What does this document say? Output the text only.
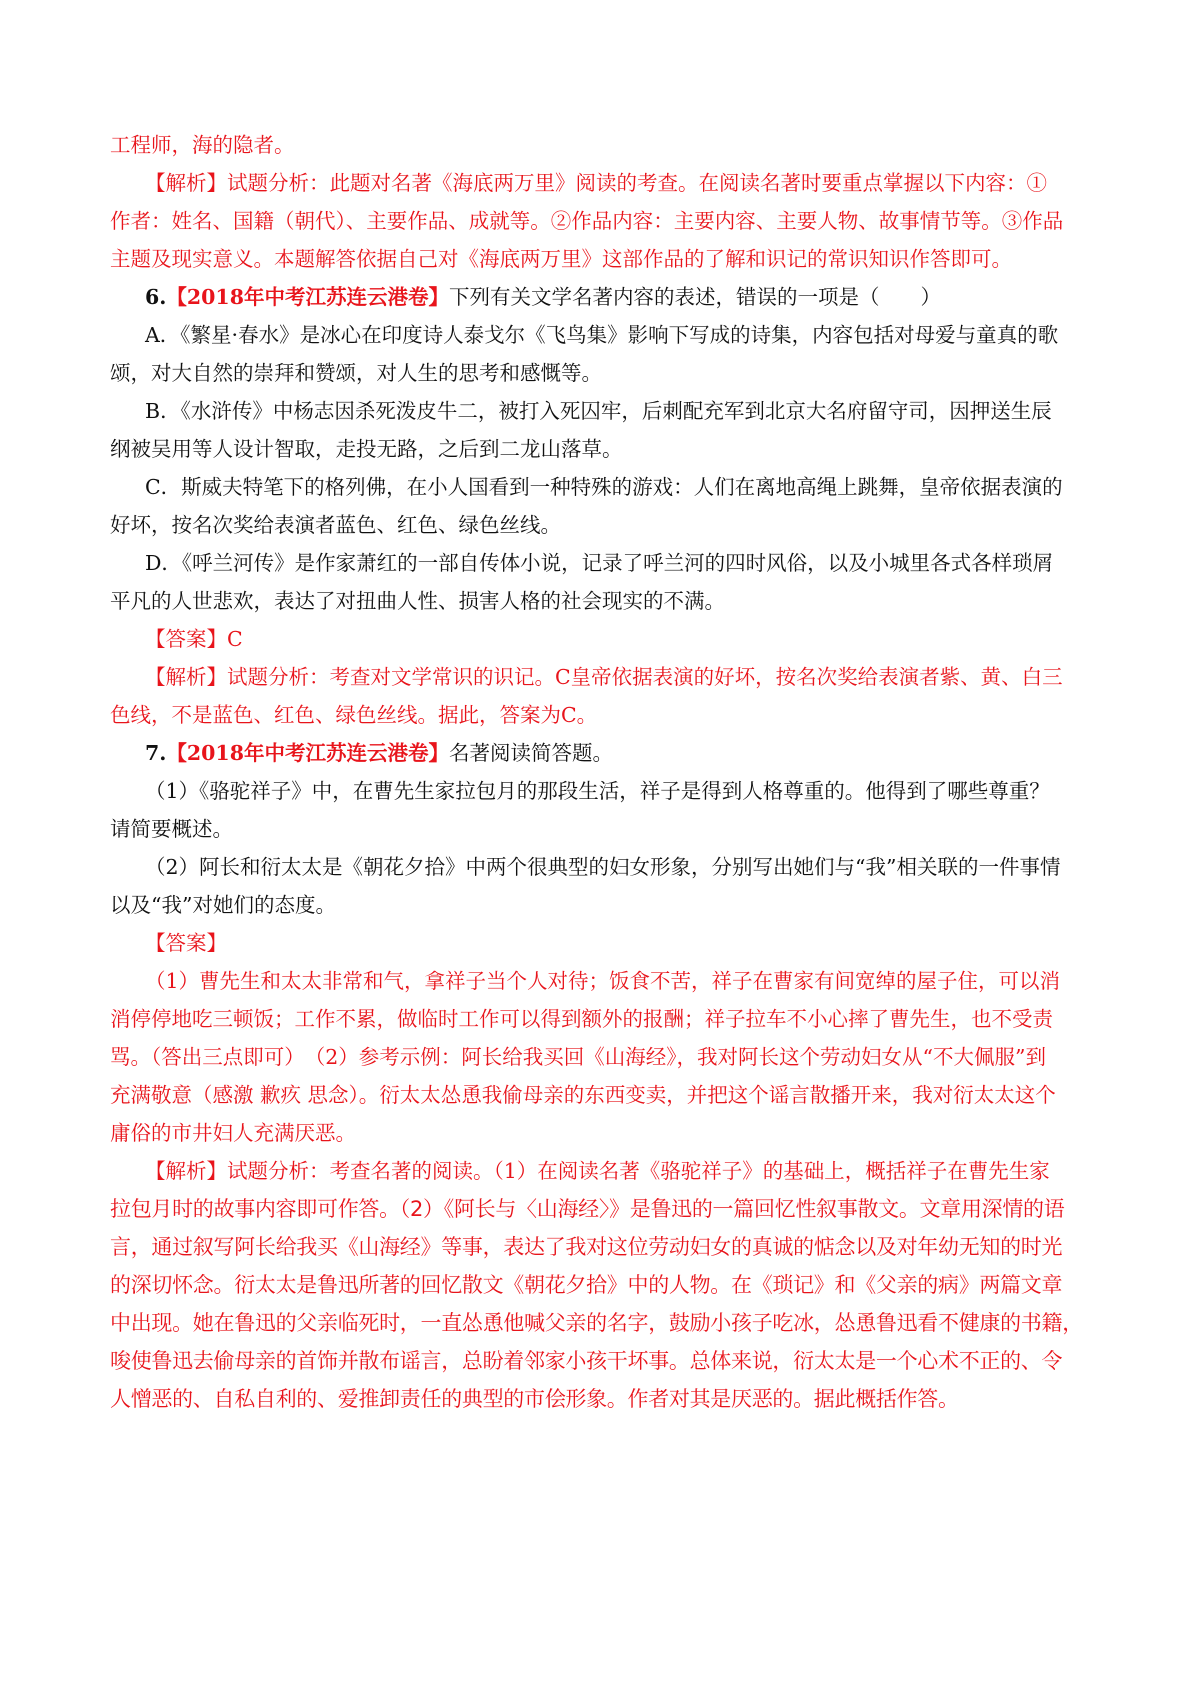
工程师，海的隐者。
【解析】试题分析：此题对名著《海底两万里》阅读的考查。在阅读名著时要重点掌握以下内容：①
作者：姓名、国籍（朝代）、主要作品、成就等。②作品内容：主要内容、主要人物、故事情节等。③作品
主题及现实意义。本题解答依据自己对《海底两万里》这部作品的了解和识记的常识知识作答即可。
6.【2018年中考江苏连云港卷】下列有关文学名著内容的表述，错误的一项是（　　）
A．《繁星·春水》是冰心在印度诗人泰戈尔《飞鸟集》影响下写成的诗集，内容包括对母爱与童真的歌
颂，对大自然的崇拜和赞颂，对人生的思考和感慨等。
B．《水浒传》中杨志因杀死泼皮牛二，被打入死囚牢，后刺配充军到北京大名府留守司，因押送生辰
纲被吴用等人设计智取，走投无路，之后到二龙山落草。
C．斯威夫特笔下的格列佛，在小人国看到一种特殊的游戏：人们在离地高绳上跳舞，皇帝依据表演的
好坏，按名次奖给表演者蓝色、红色、绿色丝线。
D．《呼兰河传》是作家萧红的一部自传体小说，记录了呼兰河的四时风俗，以及小城里各式各样琐屑
平凡的人世悲欢，表达了对扭曲人性、损害人格的社会现实的不满。
【答案】C
【解析】试题分析：考查对文学常识的识记。C皇帝依据表演的好坏，按名次奖给表演者紫、黄、白三
色线，不是蓝色、红色、绿色丝线。据此，答案为C。
7.【2018年中考江苏连云港卷】名著阅读简答题。
（1）《骆驼祥子》中，在曹先生家拉包月的那段生活，祥子是得到人格尊重的。他得到了哪些尊重？
请简要概述。
（2）阿长和衍太太是《朝花夕拾》中两个很典型的妇女形象，分别写出她们与“我”相关联的一件事情
以及“我”对她们的态度。
【答案】
（1）曹先生和太太非常和气，拿祥子当个人对待；饭食不苦，祥子在曹家有间宽绰的屋子住，可以消
消停停地吃三顿饭；工作不累，做临时工作可以得到额外的报酬；祥子拉车不小心摔了曹先生，也不受责
骂。（答出三点即可）　（2）参考示例：阿长给我买回《山海经》，我对阿长这个劳动妇女从“不大佩服”到
充满敬意（感激 歉疚 思念）。衍太太怂恿我偷母亲的东西变卖，并把这个谣言散播开来，我对衍太太这个
庸俗的市井妇人充满厌恶。
【解析】试题分析：考查名著的阅读。（1）在阅读名著《骆驼祥子》的基础上，概括祥子在曹先生家
拉包月时的故事内容即可作答。（2）《阿长与〈山海经〉》是鲁迅的一篇回忆性叙事散文。文章用深情的语
言，通过叙写阿长给我买《山海经》等事，表达了我对这位劳动妇女的真诚的惦念以及对年幼无知的时光
的深切怀念。衍太太是鲁迅所著的回忆散文《朝花夕拾》中的人物。在《琐记》和《父亲的病》两篇文章
中出现。她在鲁迅的父亲临死时，一直怂恿他喊父亲的名字，鼓励小孩子吃冰，怂恿鲁迅看不健康的书籍，
唆使鲁迅去偷母亲的首饰并散布谣言，总盼着邻家小孩干坏事。总体来说，衍太太是一个心术不正的、令
人憎恶的、自私自利的、爱推卸责任的典型的市侩形象。作者对其是厌恶的。据此概括作答。
